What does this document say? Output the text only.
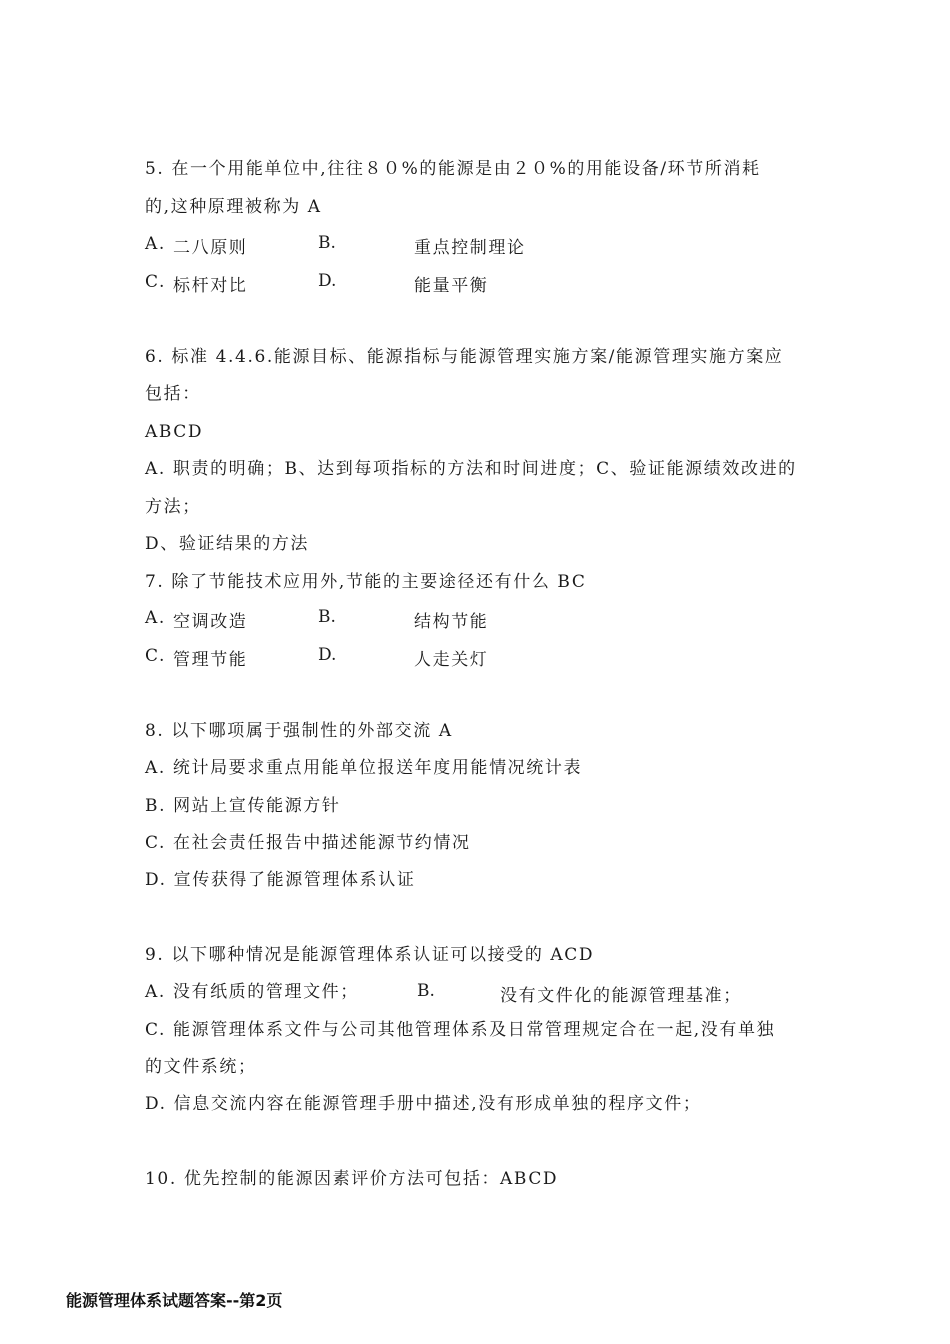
5. 在一个用能单位中,往往８０%的能源是由２０%的用能设备/环节所消耗
的,这种原理被称为 A
A. 二八原则	B.	重点控制理论
C. 标杆对比	D.	能量平衡
6. 标准 4.4.6.能源目标、能源指标与能源管理实施方案/能源管理实施方案应
包括：
ABCD
A. 职责的明确；B、达到每项指标的方法和时间进度；C、验证能源绩效改进的
方法；
D、验证结果的方法
7. 除了节能技术应用外,节能的主要途径还有什么 BC
A. 空调改造	B.	结构节能
C. 管理节能	D.	人走关灯
8. 以下哪项属于强制性的外部交流 A
A. 统计局要求重点用能单位报送年度用能情况统计表
B. 网站上宣传能源方针
C. 在社会责任报告中描述能源节约情况
D. 宣传获得了能源管理体系认证
9. 以下哪种情况是能源管理体系认证可以接受的 ACD
A. 没有纸质的管理文件；	B.	没有文件化的能源管理基准；
C. 能源管理体系文件与公司其他管理体系及日常管理规定合在一起,没有单独
的文件系统；
D. 信息交流内容在能源管理手册中描述,没有形成单独的程序文件；
10. 优先控制的能源因素评价方法可包括：ABCD
能源管理体系试题答案--第2页
